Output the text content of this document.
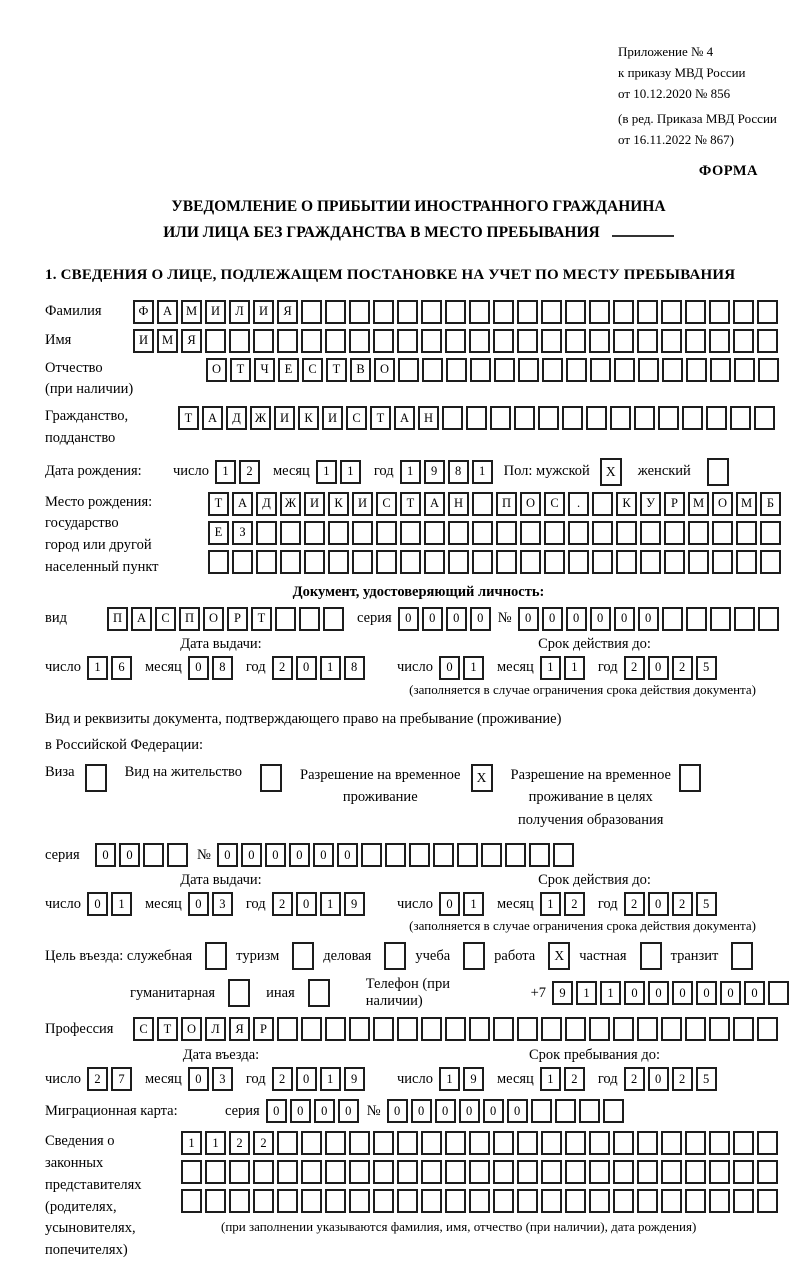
Приложение № 4
к приказу МВД России
от 10.12.2020 № 856
(в ред. Приказа МВД России
от 16.11.2022 № 867)
ФОРМА
УВЕДОМЛЕНИЕ О ПРИБЫТИИ ИНОСТРАННОГО ГРАЖДАНИНА
ИЛИ ЛИЦА БЕЗ ГРАЖДАНСТВА В МЕСТО ПРЕБЫВАНИЯ
1. СВЕДЕНИЯ О ЛИЦЕ, ПОДЛЕЖАЩЕМ ПОСТАНОВКЕ НА УЧЕТ ПО МЕСТУ ПРЕБЫВАНИЯ
Фамилия	Ф	А	М	И	Л	И	Я
Имя	И	М	Я
Отчество
(при наличии)
О	Т	Ч	Е	С	Т	В	О
Гражданство,
подданство
Т	А	Д	Ж	И	К	И	С	Т	А	Н
Дата рождения:	число	1	2	месяц	1	1	год	1	9	8	1	Пол: мужской	X	женский
Место рождения:
государство
город или другой
населенный пункт
Т	А	Д	Ж	И	К	И	С	Т	А	Н	П	О	С	.	К	У	Р	М	О	М	Б
Е	З
Документ, удостоверяющий личность:
вид	П	А	С	П	О	Р	Т	серия	0	0	0	0 №	0	0	0	0	0	0
Дата выдачи:
число	1	6	месяц	0	8	год	2	0	1	8
Срок действия до:
число	0	1	месяц	1	1	год	2	0	2	5
(заполняется в случае ограничения срока действия документа)
Вид и реквизиты документа, подтверждающего право на пребывание (проживание)
в Российской Федерации:
Виза	Вид на жительство	Разрешение на временное
проживание
X	Разрешение на временное
проживание в целях
получения образования
серия	0	0	№	0	0	0	0	0	0
Дата выдачи:
число	0	1	месяц	0	3	год	2	0	1	9
Срок действия до:
число	0	1	месяц	1	2	год	2	0	2	5
(заполняется в случае ограничения срока действия документа)
Цель въезда: служебная	туризм	деловая	учеба	работа	X	частная	транзит
гуманитарная	иная
Телефон (при наличии)
+7	9	1	1	0	0	0	0	0	0
Профессия	С	Т	О	Л	Я	Р
Дата въезда:
число	2	7	месяц	0	3	год	2	0	1	9
Срок пребывания до:
число	1	9	месяц	1	2	год	2	0	2	5
Миграционная карта:	серия	0	0	0	0	№	0	0	0	0	0	0
Сведения о
законных
представителях
(родителях,
усыновителях,
попечителях)
1	1	2	2
(при заполнении указываются фамилия, имя, отчество (при наличии), дата рождения)
